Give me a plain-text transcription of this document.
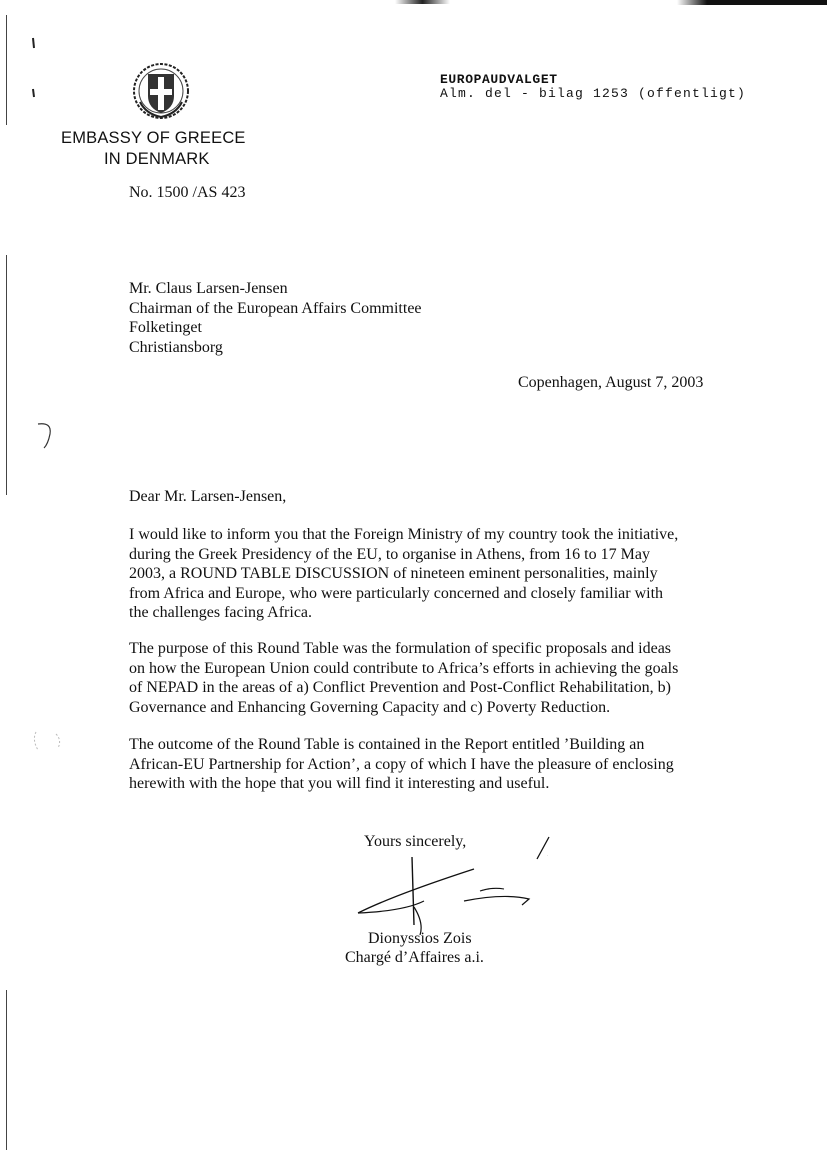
EUROPAUDVALGET
Alm. del - bilag 1253 (offentligt)
EMBASSY OF GREECE
IN DENMARK
No. 1500 /AS 423
Mr. Claus Larsen-Jensen
Chairman of the European Affairs Committee
Folketinget
Christiansborg
Copenhagen, August 7, 2003
Dear Mr. Larsen-Jensen,
I would like to inform you that the Foreign Ministry of my country took the initiative,
during the Greek Presidency of the EU, to organise in Athens, from 16 to 17 May
2003, a ROUND TABLE DISCUSSION of nineteen eminent personalities, mainly
from Africa and Europe, who were particularly concerned and closely familiar with
the challenges facing Africa.
The purpose of this Round Table was the formulation of specific proposals and ideas
on how the European Union could contribute to Africa’s efforts in achieving the goals
of NEPAD in the areas of a) Conflict Prevention and Post-Conflict Rehabilitation, b)
Governance and Enhancing Governing Capacity and c) Poverty Reduction.
The outcome of the Round Table is contained in the Report entitled ’Building an
African-EU Partnership for Action’, a copy of which I have the pleasure of enclosing
herewith with the hope that you will find it interesting and useful.
Yours sincerely,
Dionyssios Zois
Chargé d’Affaires a.i.
